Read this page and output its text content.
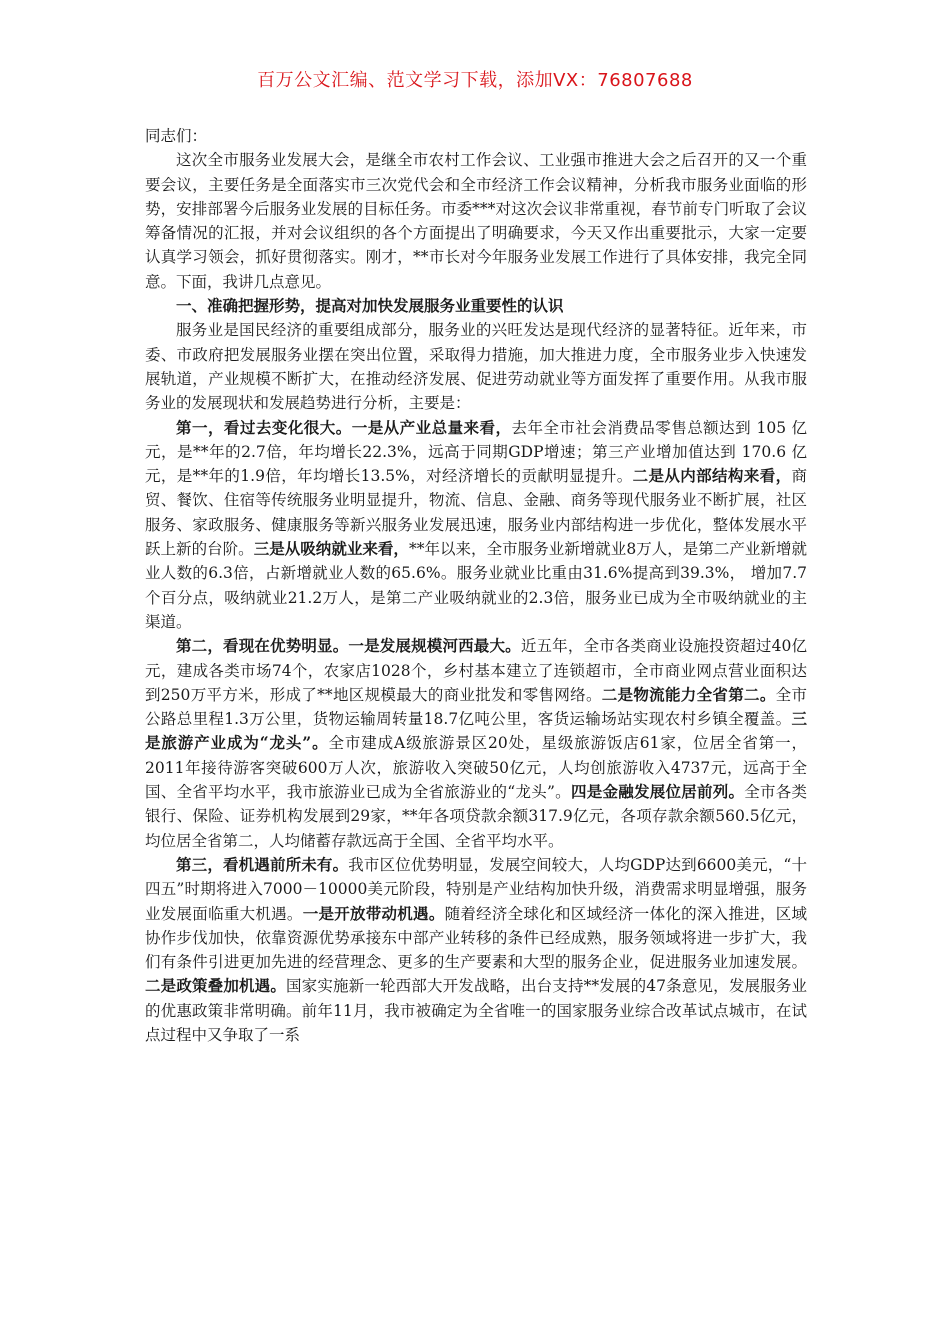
百万公文汇编、范文学习下载，添加VX：76807688

同志们：

这次全市服务业发展大会，是继全市农村工作会议、工业强市推进大会之后召开的又一个重要会议，主要任务是全面落实市三次党代会和全市经济工作会议精神，分析我市服务业面临的形势，安排部署今后服务业发展的目标任务。市委***对这次会议非常重视，春节前专门听取了会议筹备情况的汇报，并对会议组织的各个方面提出了明确要求，今天又作出重要批示，大家一定要认真学习领会，抓好贯彻落实。刚才，**市长对今年服务业发展工作进行了具体安排，我完全同意。下面，我讲几点意见。

一、准确把握形势，提高对加快发展服务业重要性的认识

服务业是国民经济的重要组成部分，服务业的兴旺发达是现代经济的显著特征。近年来，市委、市政府把发展服务业摆在突出位置，采取得力措施，加大推进力度，全市服务业步入快速发展轨道，产业规模不断扩大，在推动经济发展、促进劳动就业等方面发挥了重要作用。从我市服务业的发展现状和发展趋势进行分析，主要是：

第一，看过去变化很大。一是从产业总量来看，去年全市社会消费品零售总额达到 105 亿元，是**年的2.7倍，年均增长22.3%，远高于同期GDP增速；第三产业增加值达到 170.6 亿元，是**年的1.9倍，年均增长13.5%，对经济增长的贡献明显提升。二是从内部结构来看，商贸、餐饮、住宿等传统服务业明显提升，物流、信息、金融、商务等现代服务业不断扩展，社区服务、家政服务、健康服务等新兴服务业发展迅速，服务业内部结构进一步优化，整体发展水平跃上新的台阶。三是从吸纳就业来看，**年以来，全市服务业新增就业8万人，是第二产业新增就业人数的6.3倍，占新增就业人数的65.6%。服务业就业比重由31.6%提高到39.3%， 增加7.7个百分点，吸纳就业21.2万人，是第二产业吸纳就业的2.3倍，服务业已成为全市吸纳就业的主渠道。

第二，看现在优势明显。一是发展规模河西最大。近五年，全市各类商业设施投资超过40亿元，建成各类市场74个，农家店1028个，乡村基本建立了连锁超市，全市商业网点营业面积达到250万平方米，形成了**地区规模最大的商业批发和零售网络。二是物流能力全省第二。全市公路总里程1.3万公里，货物运输周转量18.7亿吨公里，客货运输场站实现农村乡镇全覆盖。三是旅游产业成为“龙头”。全市建成A级旅游景区20处，星级旅游饭店61家，位居全省第一，2011年接待游客突破600万人次，旅游收入突破50亿元，人均创旅游收入4737元，远高于全国、全省平均水平，我市旅游业已成为全省旅游业的“龙头”。四是金融发展位居前列。全市各类银行、保险、证券机构发展到29家，**年各项贷款余额317.9亿元，各项存款余额560.5亿元，均位居全省第二，人均储蓄存款远高于全国、全省平均水平。

第三，看机遇前所未有。我市区位优势明显，发展空间较大，人均GDP达到6600美元，“十四五”时期将进入7000－10000美元阶段，特别是产业结构加快升级，消费需求明显增强，服务业发展面临重大机遇。一是开放带动机遇。随着经济全球化和区域经济一体化的深入推进，区域协作步伐加快，依靠资源优势承接东中部产业转移的条件已经成熟，服务领域将进一步扩大，我们有条件引进更加先进的经营理念、更多的生产要素和大型的服务企业，促进服务业加速发展。二是政策叠加机遇。国家实施新一轮西部大开发战略，出台支持**发展的47条意见，发展服务业的优惠政策非常明确。前年11月，我市被确定为全省唯一的国家服务业综合改革试点城市，在试点过程中又争取了一系
